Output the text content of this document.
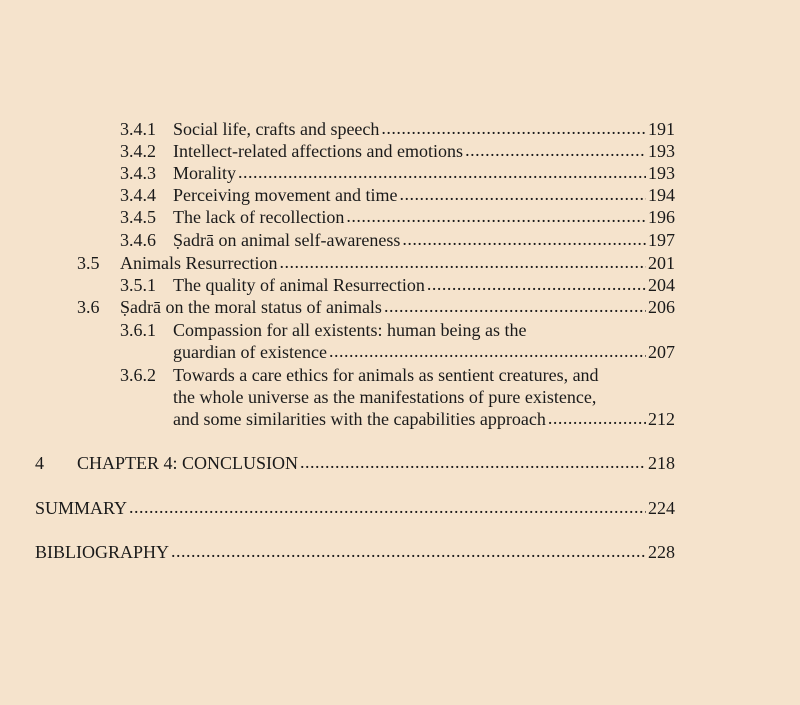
3.4.1 Social life, crafts and speech .....	191
3.4.2 Intellect-related affections and emotions .....	193
3.4.3 Morality .....	193
3.4.4 Perceiving movement and time .....	194
3.4.5 The lack of recollection .....	196
3.4.6 Ṣadrā on animal self-awareness .....	197
3.5	Animals Resurrection .....	201
3.5.1 The quality of animal Resurrection .....	204
3.6	Ṣadrā on the moral status of animals .....	206
3.6.1 Compassion for all existents: human being as the
guardian of existence .....	207
3.6.2 Towards a care ethics for animals as sentient creatures, and
the whole universe as the manifestations of pure existence,
and some similarities with the capabilities approach .....	212
4	CHAPTER 4: CONCLUSION .....	218
SUMMARY .....	224
BIBLIOGRAPHY .....	228
